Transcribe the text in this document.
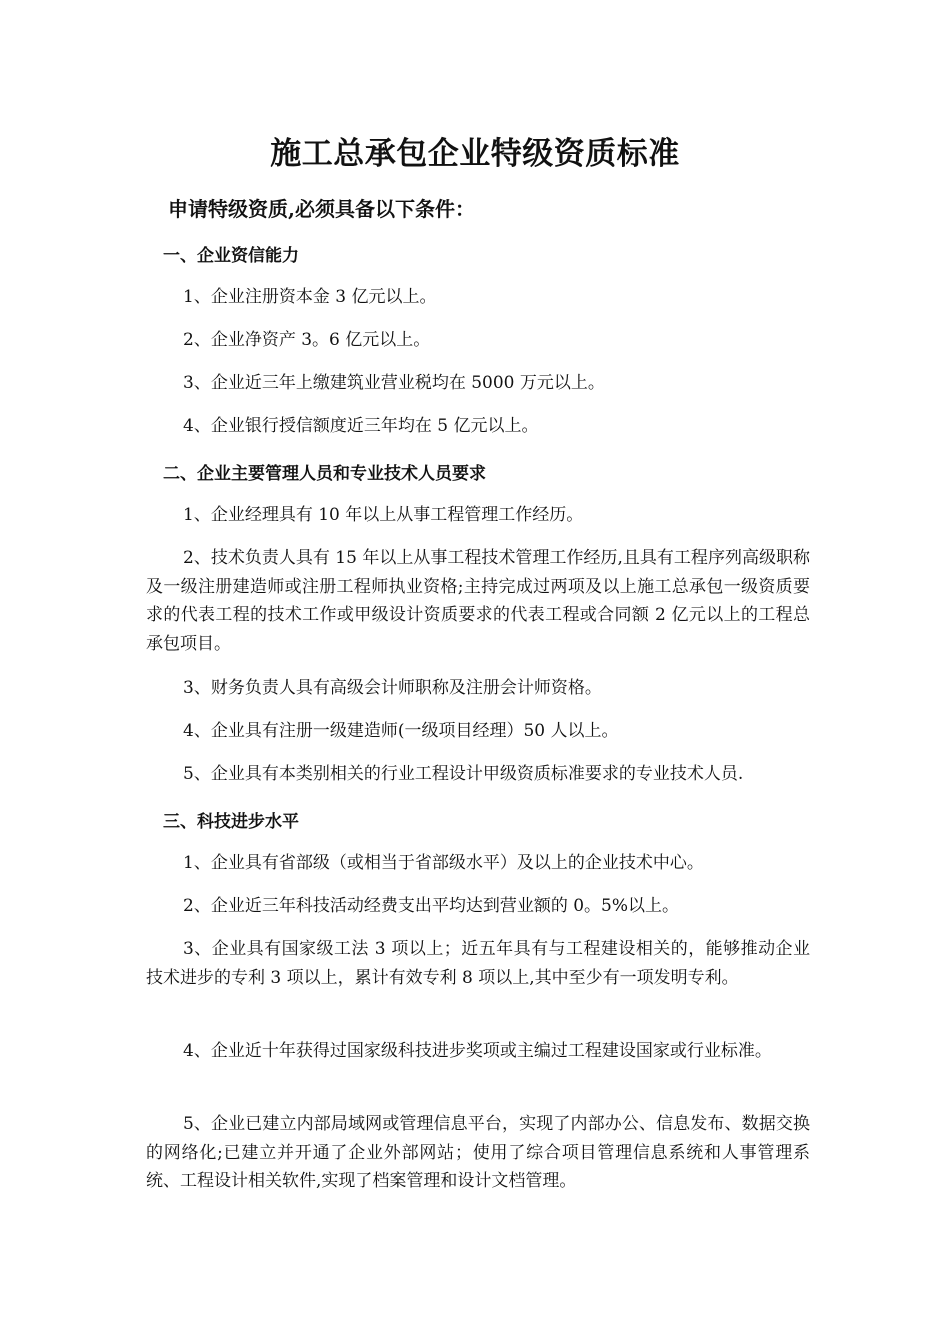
施工总承包企业特级资质标准

申请特级资质,必须具备以下条件：

一、企业资信能力

1、企业注册资本金 3 亿元以上。

2、企业净资产 3。6 亿元以上。

3、企业近三年上缴建筑业营业税均在 5000 万元以上。

4、企业银行授信额度近三年均在 5 亿元以上。

二、企业主要管理人员和专业技术人员要求

1、企业经理具有 10 年以上从事工程管理工作经历。

2、技术负责人具有 15 年以上从事工程技术管理工作经历,且具有工程序列高级职称及一级注册建造师或注册工程师执业资格;主持完成过两项及以上施工总承包一级资质要求的代表工程的技术工作或甲级设计资质要求的代表工程或合同额 2 亿元以上的工程总承包项目。

3、财务负责人具有高级会计师职称及注册会计师资格。

4、企业具有注册一级建造师(一级项目经理）50 人以上。

5、企业具有本类别相关的行业工程设计甲级资质标准要求的专业技术人员.

三、科技进步水平

1、企业具有省部级（或相当于省部级水平）及以上的企业技术中心。

2、企业近三年科技活动经费支出平均达到营业额的 0。5%以上。

3、企业具有国家级工法 3 项以上；近五年具有与工程建设相关的，能够推动企业技术进步的专利 3 项以上，累计有效专利 8 项以上,其中至少有一项发明专利。

4、企业近十年获得过国家级科技进步奖项或主编过工程建设国家或行业标准。

5、企业已建立内部局域网或管理信息平台，实现了内部办公、信息发布、数据交换的网络化;已建立并开通了企业外部网站；使用了综合项目管理信息系统和人事管理系统、工程设计相关软件,实现了档案管理和设计文档管理。
